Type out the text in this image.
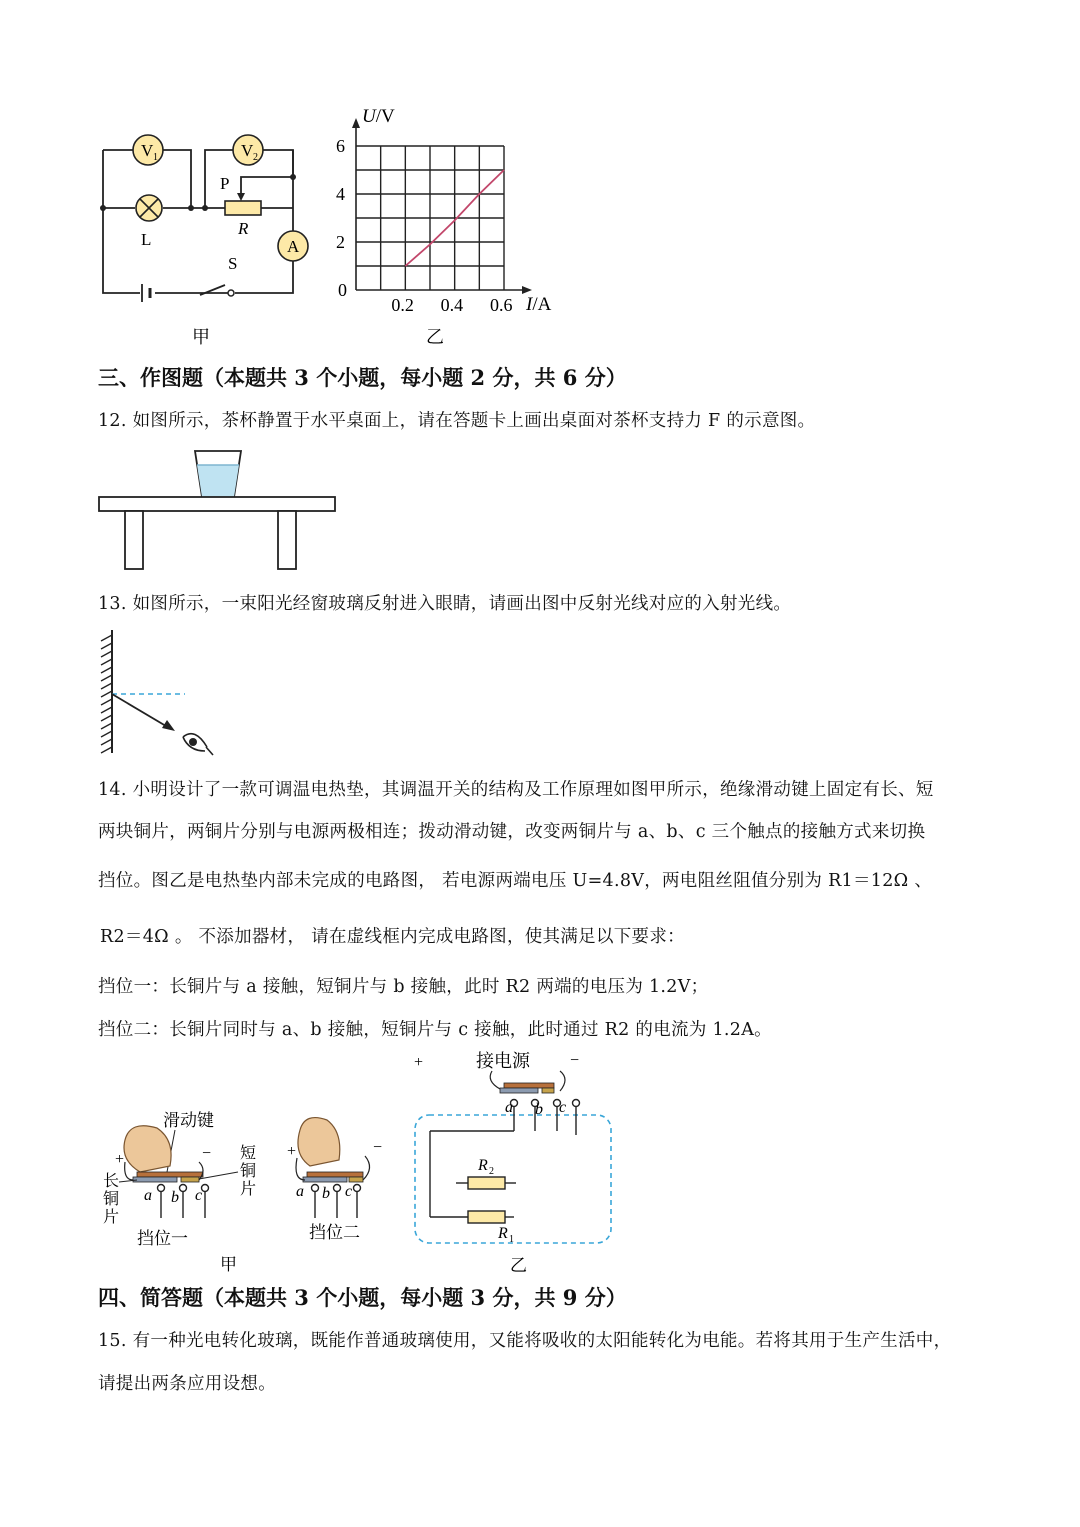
V 1	V 2
A
L
P
R
S
甲
0.2 0.4 0.6
2
4
6
U/V
I/A
0
乙
三、作图题（本题共 3 个小题，每小题 2 分，共 6 分）
12. 如图所示，茶杯静置于水平桌面上，请在答题卡上画出桌面对茶杯支持力 F 的示意图。
13. 如图所示，一束阳光经窗玻璃反射进入眼睛，请画出图中反射光线对应的入射光线。
14. 小明设计了一款可调温电热垫，其调温开关的结构及工作原理如图甲所示，绝缘滑动键上固定有长、短
两块铜片，两铜片分别与电源两极相连；拨动滑动键，改变两铜片与 a、b、c 三个触点的接触方式来切换
挡位。图乙是电热垫内部未完成的电路图， 若电源两端电压 U=4.8V，两电阻丝阻值分别为 R1＝12Ω 、
R2＝4Ω 。 不添加器材， 请在虚线框内完成电路图，使其满足以下要求：
挡位一：长铜片与 a 接触，短铜片与 b 接触，此时 R2 两端的电压为 1.2V；
挡位二：长铜片同时与 a、b 接触，短铜片与 c 接触，此时通过 R2 的电流为 1.2A。
滑动键
+	−
a b c
长
铜
片
短
铜
片
挡位一
+	−
a b c
挡位二
甲
接电源
+	−
a b c
R 2
R 1
乙
四、简答题（本题共 3 个小题，每小题 3 分，共 9 分）
15. 有一种光电转化玻璃，既能作普通玻璃使用，又能将吸收的太阳能转化为电能。若将其用于生产生活中，
请提出两条应用设想。
